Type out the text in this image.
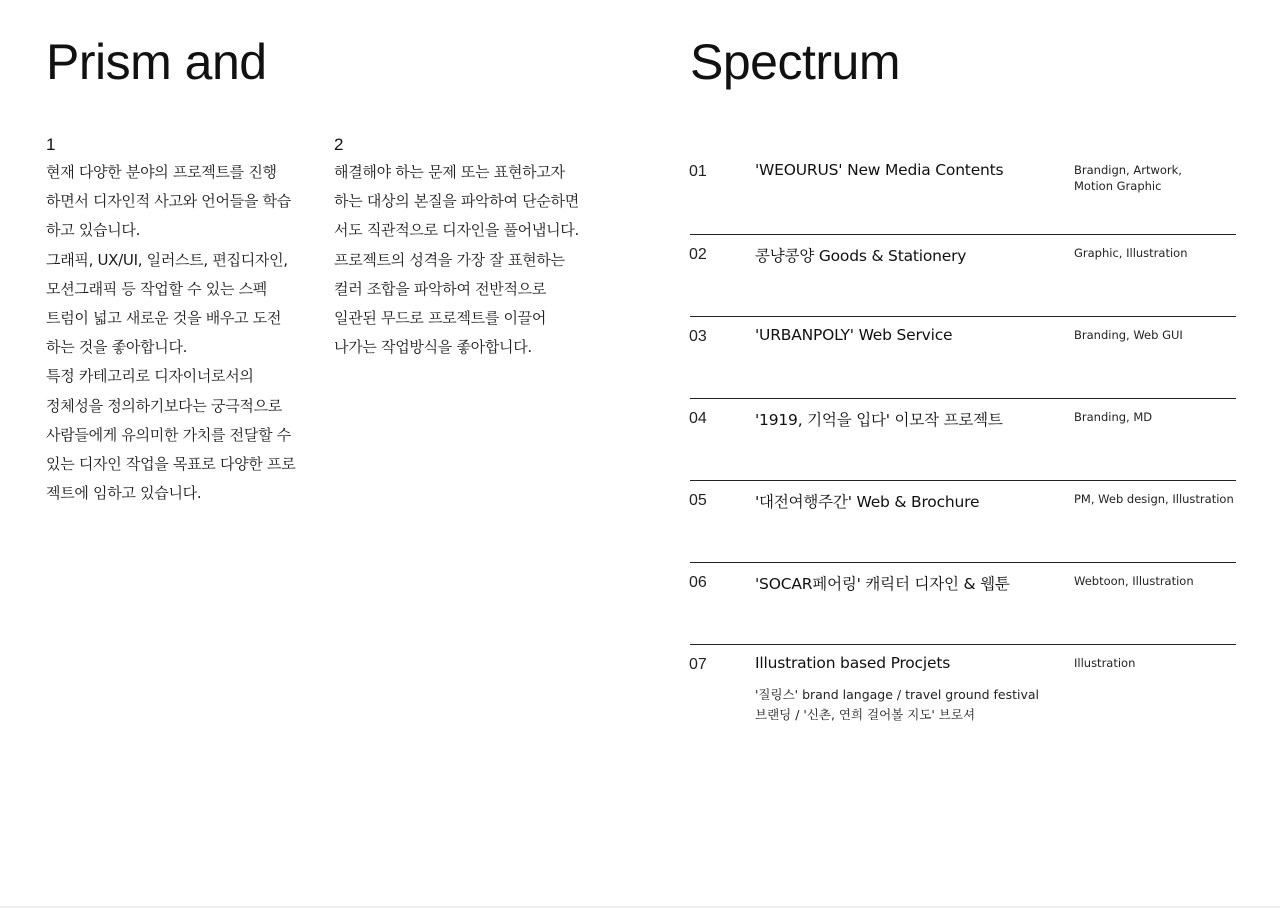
Prism and	Spectrum
1
현재 다양한 분야의 프로젝트를 진행
하면서 디자인적 사고와 언어들을 학습
하고 있습니다.
그래픽, UX/UI, 일러스트, 편집디자인,
모션그래픽 등 작업할 수 있는 스펙
트럼이 넓고 새로운 것을 배우고 도전
하는 것을 좋아합니다.
특정 카테고리로 디자이너로서의
정체성을 정의하기보다는 궁극적으로
사람들에게 유의미한 가치를 전달할 수
있는 디자인 작업을 목표로 다양한 프로
젝트에 임하고 있습니다.
2
해결해야 하는 문제 또는 표현하고자
하는 대상의 본질을 파악하여 단순하면
서도 직관적으로 디자인을 풀어냅니다.
프로젝트의 성격을 가장 잘 표현하는
컬러 조합을 파악하여 전반적으로
일관된 무드로 프로젝트를 이끌어
나가는 작업방식을 좋아합니다.
01	'WEOURUS' New Media Contents	Brandign, Artwork,
Motion Graphic
02	콩냥콩양 Goods & Stationery	Graphic, Illustration
03	'URBANPOLY' Web Service	Branding, Web GUI
04	'1919, 기억을 입다' 이모작 프로젝트	Branding, MD
05	'대전여행주간' Web & Brochure	PM, Web design, Illustration
06	'SOCAR페어링' 캐릭터 디자인 & 웹툰	Webtoon, Illustration
07	Illustration based Procjets	Illustration
'질링스' brand langage / travel ground festival
브랜딩 / '신촌, 연희 걸어볼 지도' 브로셔
